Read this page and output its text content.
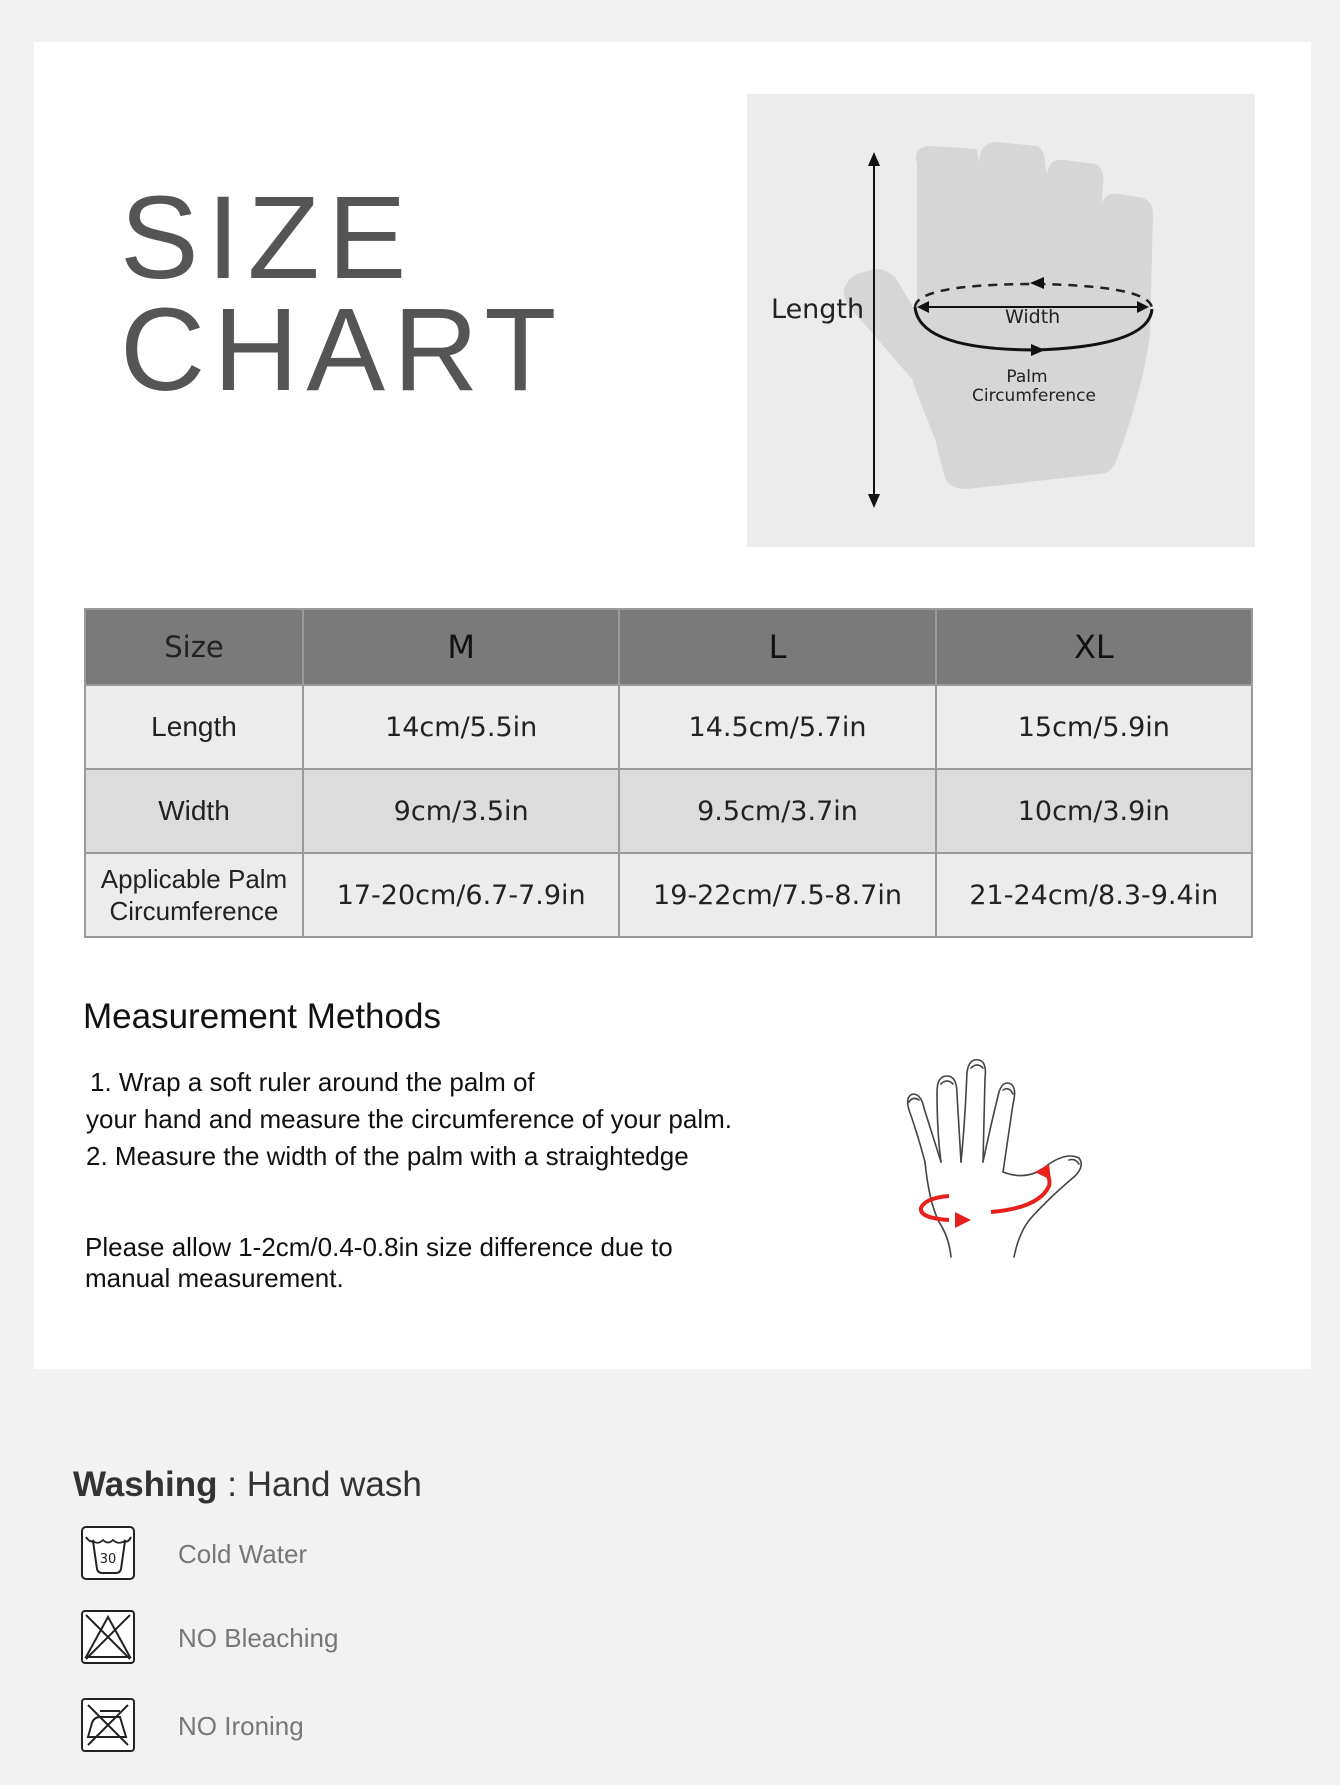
SIZE
CHART	Length	Width
Palm
Circumference
Size	M	L	XL
Length	14cm/5.5in	14.5cm/5.7in	15cm/5.9in
Width	9cm/3.5in	9.5cm/3.7in	10cm/3.9in

Applicable Palm
Circumference	17-20cm/6.7-7.9in	19-22cm/7.5-8.7in	21-24cm/8.3-9.4in
Measurement Methods
1. Wrap a soft ruler around the palm of
your hand and measure the circumference of your palm.
2. Measure the width of the palm with a straightedge
Please allow 1-2cm/0.4-0.8in size difference due to manual measurement.
Washing : Hand wash
30 Cold Water
NO Bleaching
NO Ironing
